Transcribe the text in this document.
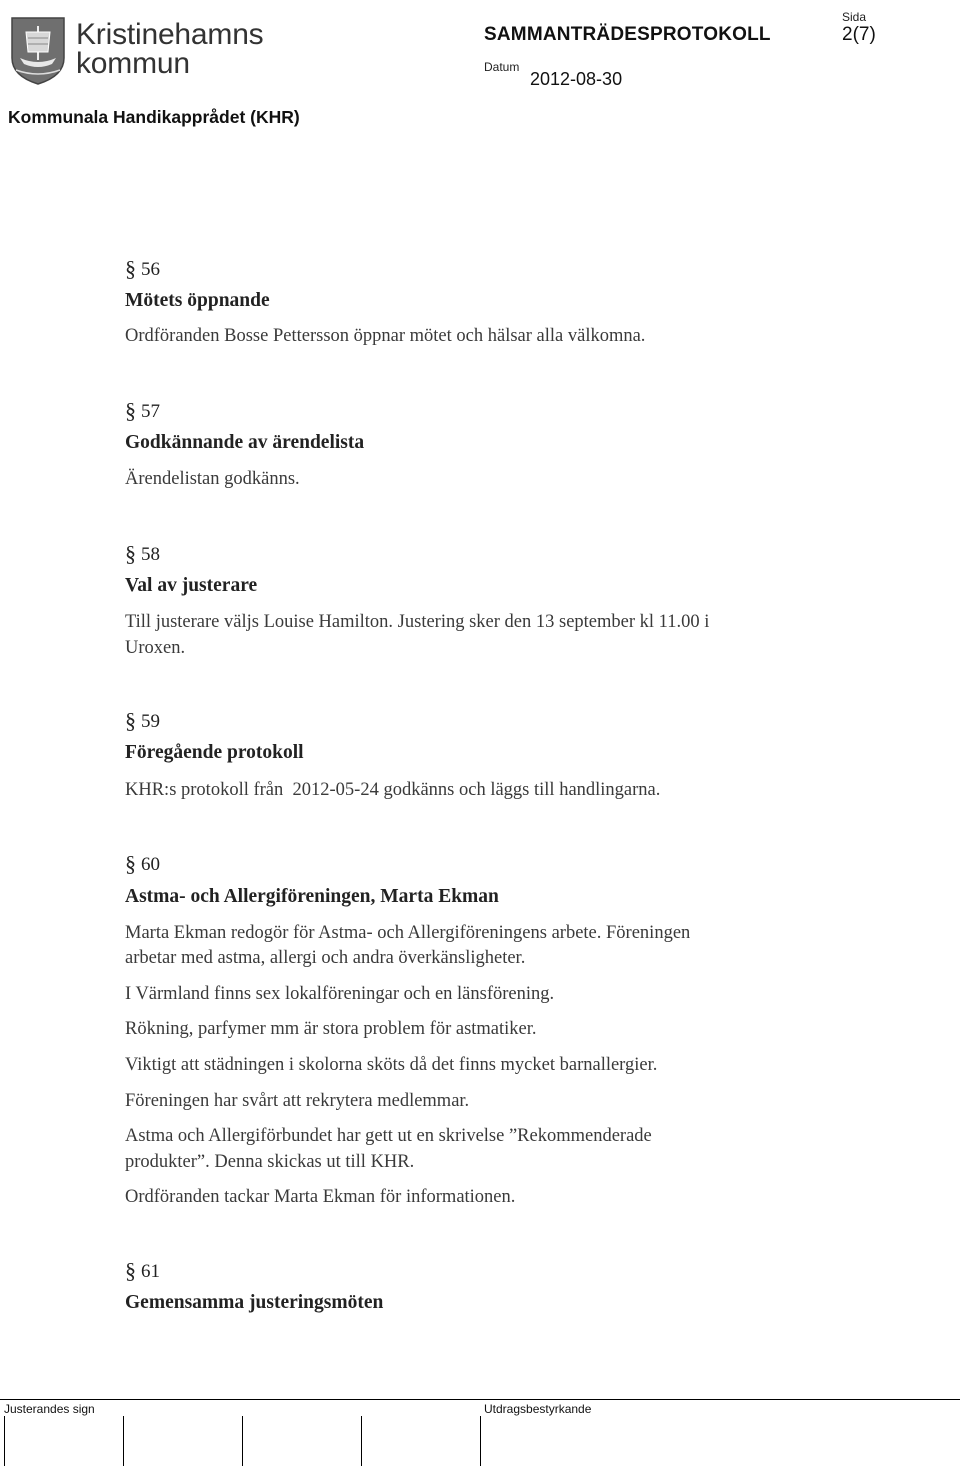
Kristinehamns
kommun
SAMMANTRÄDESPROTOKOLL
Sida
2(7)
Datum
2012-08-30
Kommunala Handikapprådet (KHR)
§ 56
Mötets öppnande
Ordföranden Bosse Pettersson öppnar mötet och hälsar alla välkomna.
§ 57
Godkännande av ärendelista
Ärendelistan godkänns.
§ 58
Val av justerare
Till justerare väljs Louise Hamilton. Justering sker den 13 september kl 11.00 i
Uroxen.
§ 59
Föregående protokoll
KHR:s protokoll från  2012-05-24 godkänns och läggs till handlingarna.
§ 60
Astma- och Allergiföreningen, Marta Ekman
Marta Ekman redogör för Astma- och Allergiföreningens arbete. Föreningen
arbetar med astma, allergi och andra överkänsligheter.
I Värmland finns sex lokalföreningar och en länsförening.
Rökning, parfymer mm är stora problem för astmatiker.
Viktigt att städningen i skolorna sköts då det finns mycket barnallergier.
Föreningen har svårt att rekrytera medlemmar.
Astma och Allergiförbundet har gett ut en skrivelse ”Rekommenderade
produkter”. Denna skickas ut till KHR.
Ordföranden tackar Marta Ekman för informationen.
§ 61
Gemensamma justeringsmöten
Justerandes sign	Utdragsbestyrkande
